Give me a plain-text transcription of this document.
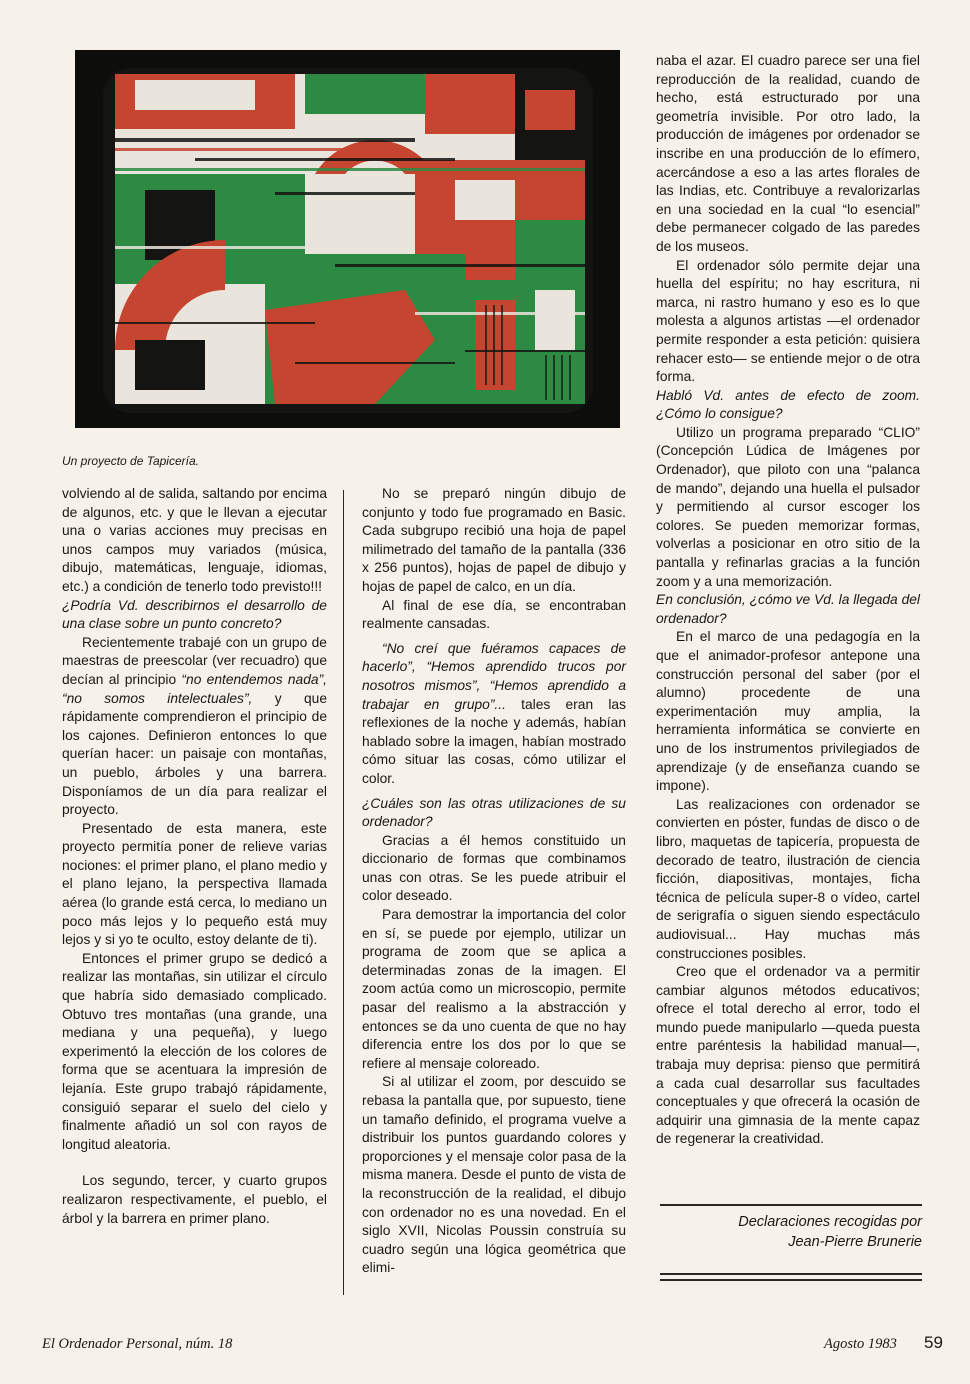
Un proyecto de Tapicería.

volviendo al de salida, saltando por encima de algunos, etc. y que le llevan a ejecutar una o varias acciones muy precisas en unos campos muy variados (música, dibujo, matemáticas, lenguaje, idiomas, etc.) a condición de tenerlo todo previsto!!!

¿Podría Vd. describirnos el desarrollo de una clase sobre un punto concreto?

Recientemente trabajé con un grupo de maestras de preescolar (ver recuadro) que decían al principio “no entendemos nada”, “no somos intelectuales”, y que rápidamente comprendieron el principio de los cajones. Definieron entonces lo que querían hacer: un paisaje con montañas, un pueblo, árboles y una barrera. Disponíamos de un día para realizar el proyecto.

Presentado de esta manera, este proyecto permitía poner de relieve varias nociones: el primer plano, el plano medio y el plano lejano, la perspectiva llamada aérea (lo grande está cerca, lo mediano un poco más lejos y lo pequeño está muy lejos y si yo te oculto, estoy delante de ti).

Entonces el primer grupo se dedicó a realizar las montañas, sin utilizar el círculo que habría sido demasiado complicado. Obtuvo tres montañas (una grande, una mediana y una pequeña), y luego experimentó la elección de los colores de forma que se acentuara la impresión de lejanía. Este grupo trabajó rápidamente, consiguió separar el suelo del cielo y finalmente añadió un sol con rayos de longitud aleatoria.

Los segundo, tercer, y cuarto grupos realizaron respectivamente, el pueblo, el árbol y la barrera en primer plano.

No se preparó ningún dibujo de conjunto y todo fue programado en Basic. Cada subgrupo recibió una hoja de papel milimetrado del tamaño de la pantalla (336 x 256 puntos), hojas de papel de dibujo y hojas de papel de calco, en un día.

Al final de ese día, se encontraban realmente cansadas.

“No creí que fuéramos capaces de hacerlo”, “Hemos aprendido trucos por nosotros mismos”, “Hemos aprendido a trabajar en grupo”... tales eran las reflexiones de la noche y además, habían hablado sobre la imagen, habían mostrado cómo situar las cosas, cómo utilizar el color.

¿Cuáles son las otras utilizaciones de su ordenador?

Gracias a él hemos constituido un diccionario de formas que combinamos unas con otras. Se les puede atribuir el color deseado.

Para demostrar la importancia del color en sí, se puede por ejemplo, utilizar un programa de zoom que se aplica a determinadas zonas de la imagen. El zoom actúa como un microscopio, permite pasar del realismo a la abstracción y entonces se da uno cuenta de que no hay diferencia entre los dos por lo que se refiere al mensaje coloreado.

Si al utilizar el zoom, por descuido se rebasa la pantalla que, por supuesto, tiene un tamaño definido, el programa vuelve a distribuir los puntos guardando colores y proporciones y el mensaje color pasa de la misma manera. Desde el punto de vista de la reconstrucción de la realidad, el dibujo con ordenador no es una novedad. En el siglo XVII, Nicolas Poussin construía su cuadro según una lógica geométrica que elimi-

naba el azar. El cuadro parece ser una fiel reproducción de la realidad, cuando de hecho, está estructurado por una geometría invisible. Por otro lado, la producción de imágenes por ordenador se inscribe en una producción de lo efímero, acercándose a eso a las artes florales de las Indias, etc. Contribuye a revalorizarlas en una sociedad en la cual “lo esencial” debe permanecer colgado de las paredes de los museos.

El ordenador sólo permite dejar una huella del espíritu; no hay escritura, ni marca, ni rastro humano y eso es lo que molesta a algunos artistas —el ordenador permite responder a esta petición: quisiera rehacer esto— se entiende mejor o de otra forma.

Habló Vd. antes de efecto de zoom. ¿Cómo lo consigue?

Utilizo un programa preparado “CLIO” (Concepción Lúdica de Imágenes por Ordenador), que piloto con una “palanca de mando”, dejando una huella el pulsador y permitiendo al cursor escoger los colores. Se pueden memorizar formas, volverlas a posicionar en otro sitio de la pantalla y refinarlas gracias a la función zoom y a una memorización.

En conclusión, ¿cómo ve Vd. la llegada del ordenador?

En el marco de una pedagogía en la que el animador-profesor antepone una construcción personal del saber (por el alumno) procedente de una experimentación muy amplia, la herramienta informática se convierte en uno de los instrumentos privilegiados de aprendizaje (y de enseñanza cuando se impone).

Las realizaciones con ordenador se convierten en póster, fundas de disco o de libro, maquetas de tapicería, propuesta de decorado de teatro, ilustración de ciencia ficción, diapositivas, montajes, ficha técnica de película super-8 o vídeo, cartel de serigrafía o siguen siendo espectáculo audiovisual... Hay muchas más construcciones posibles.

Creo que el ordenador va a permitir cambiar algunos métodos educativos; ofrece el total derecho al error, todo el mundo puede manipularlo —queda puesta entre paréntesis la habilidad manual—, trabaja muy deprisa: pienso que permitirá a cada cual desarrollar sus facultades conceptuales y que ofrecerá la ocasión de adquirir una gimnasia de la mente capaz de regenerar la creatividad.

Declaraciones recogidas por
Jean-Pierre Brunerie
El Ordenador Personal, núm. 18	Agosto 1983 59
